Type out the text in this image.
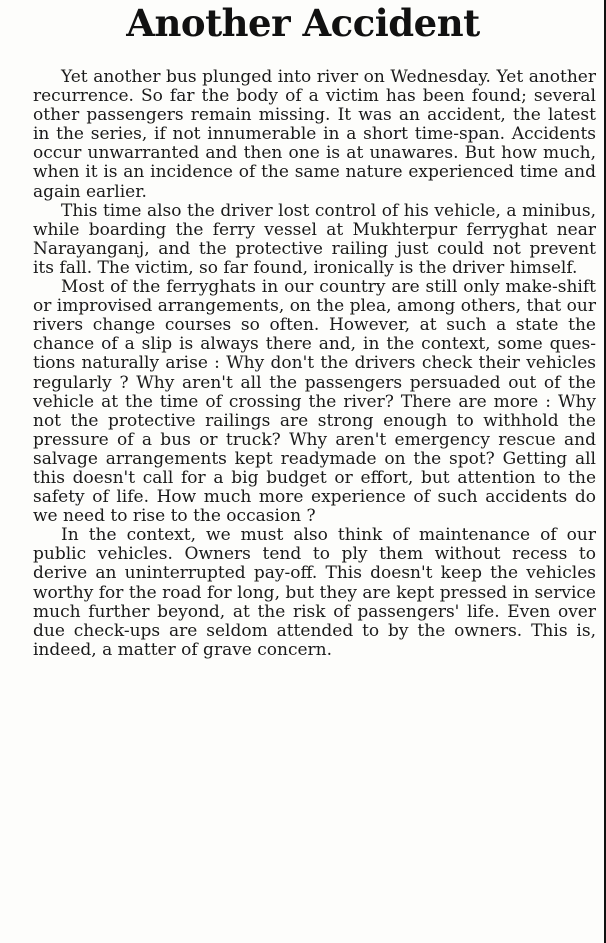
Another Accident

Yet another bus plunged into river on Wednesday. Yet another recurrence. So far the body of a victim has been found; several other passengers remain missing. It was an accident, the latest in the series, if not innumerable in a short time-span. Accidents occur unwarranted and then one is at unawares. But how much, when it is an incidence of the same nature experienced time and again earlier.

This time also the driver lost control of his vehicle, a minibus, while boarding the ferry vessel at Mukhterpur ferryghat near Narayanganj, and the protective railing just could not prevent its fall. The victim, so far found, ironically is the driver himself.

Most of the ferryghats in our country are still only make-shift or improvised arrangements, on the plea, among others, that our rivers change courses so often. However, at such a state the chance of a slip is always there and, in the context, some questions naturally arise : Why don't the drivers check their vehicles regularly ? Why aren't all the passengers persuaded out of the vehicle at the time of crossing the river? There are more : Why not the protective railings are strong enough to withhold the pressure of a bus or truck? Why aren't emergency rescue and salvage arrangements kept readymade on the spot? Getting all this doesn't call for a big budget or effort, but attention to the safety of life. How much more experience of such accidents do we need to rise to the occasion ?

In the context, we must also think of maintenance of our public vehicles. Owners tend to ply them without recess to derive an uninterrupted pay-off. This doesn't keep the vehicles worthy for the road for long, but they are kept pressed in service much further beyond, at the risk of passengers' life. Even over due check-ups are seldom attended to by the owners. This is, indeed, a matter of grave concern.
